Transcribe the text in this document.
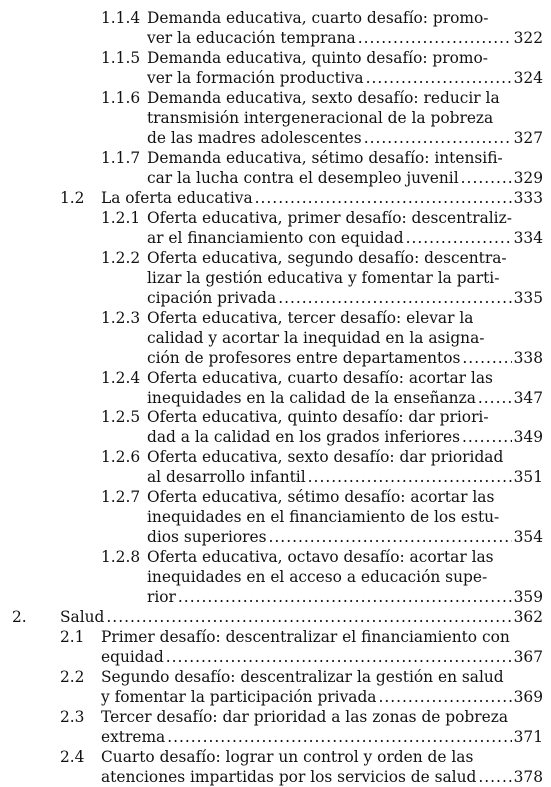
1.1.4 Demanda educativa, cuarto desafío: promo-
ver la educación temprana .....	322
1.1.5 Demanda educativa, quinto desafío: promo-
ver la formación productiva .....	324
1.1.6 Demanda educativa, sexto desafío: reducir la
transmisión intergeneracional de la pobreza
de las madres adolescentes .....	327
1.1.7 Demanda educativa, sétimo desafío: intensifi-
car la lucha contra el desempleo juvenil .....	329
1.2 La oferta educativa .....	333
1.2.1 Oferta educativa, primer desafío: descentraliz-
ar el financiamiento con equidad .....	334
1.2.2 Oferta educativa, segundo desafío: descentra-
lizar la gestión educativa y fomentar la parti-
cipación privada .....	335
1.2.3 Oferta educativa, tercer desafío: elevar la
calidad y acortar la inequidad en la asigna-
ción de profesores entre departamentos .....	338
1.2.4 Oferta educativa, cuarto desafío: acortar las
inequidades en la calidad de la enseñanza ..... 347
1.2.5 Oferta educativa, quinto desafío: dar priori-
dad a la calidad en los grados inferiores .....	349
1.2.6 Oferta educativa, sexto desafío: dar prioridad
al desarrollo infantil .....	351
1.2.7 Oferta educativa, sétimo desafío: acortar las
inequidades en el financiamiento de los estu-
dios superiores .....	354
1.2.8 Oferta educativa, octavo desafío: acortar las
inequidades en el acceso a educación supe-
rior .....	359
2. Salud .....	362
2.1 Primer desafío: descentralizar el financiamiento con
equidad .....	367
2.2 Segundo desafío: descentralizar la gestión en salud
y fomentar la participación privada .....	369
2.3 Tercer desafío: dar prioridad a las zonas de pobreza
extrema .....	371
2.4 Cuarto desafío: lograr un control y orden de las
atenciones impartidas por los servicios de salud ..... 378
